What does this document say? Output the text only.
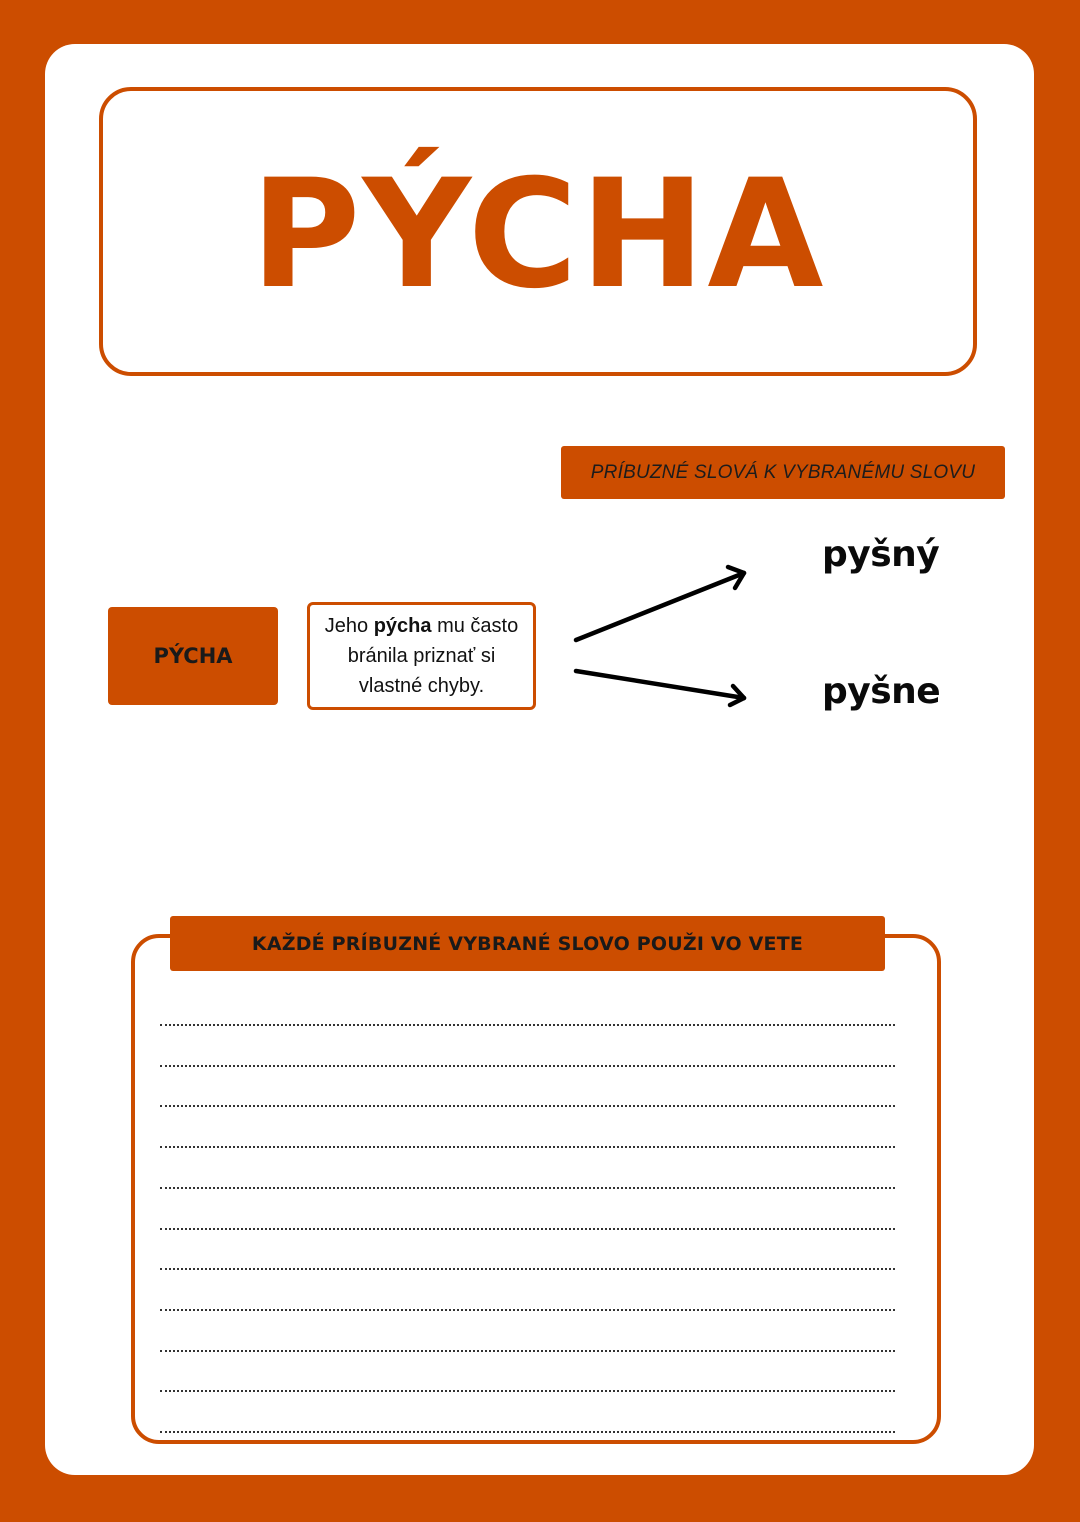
PÝCHA
PRÍBUZNÉ SLOVÁ K VYBRANÉMU SLOVU
PÝCHA
Jeho pýcha mu často bránila priznať si vlastné chyby.
pyšný
pyšne
KAŽDÉ PRÍBUZNÉ VYBRANÉ SLOVO POUŽI VO VETE
